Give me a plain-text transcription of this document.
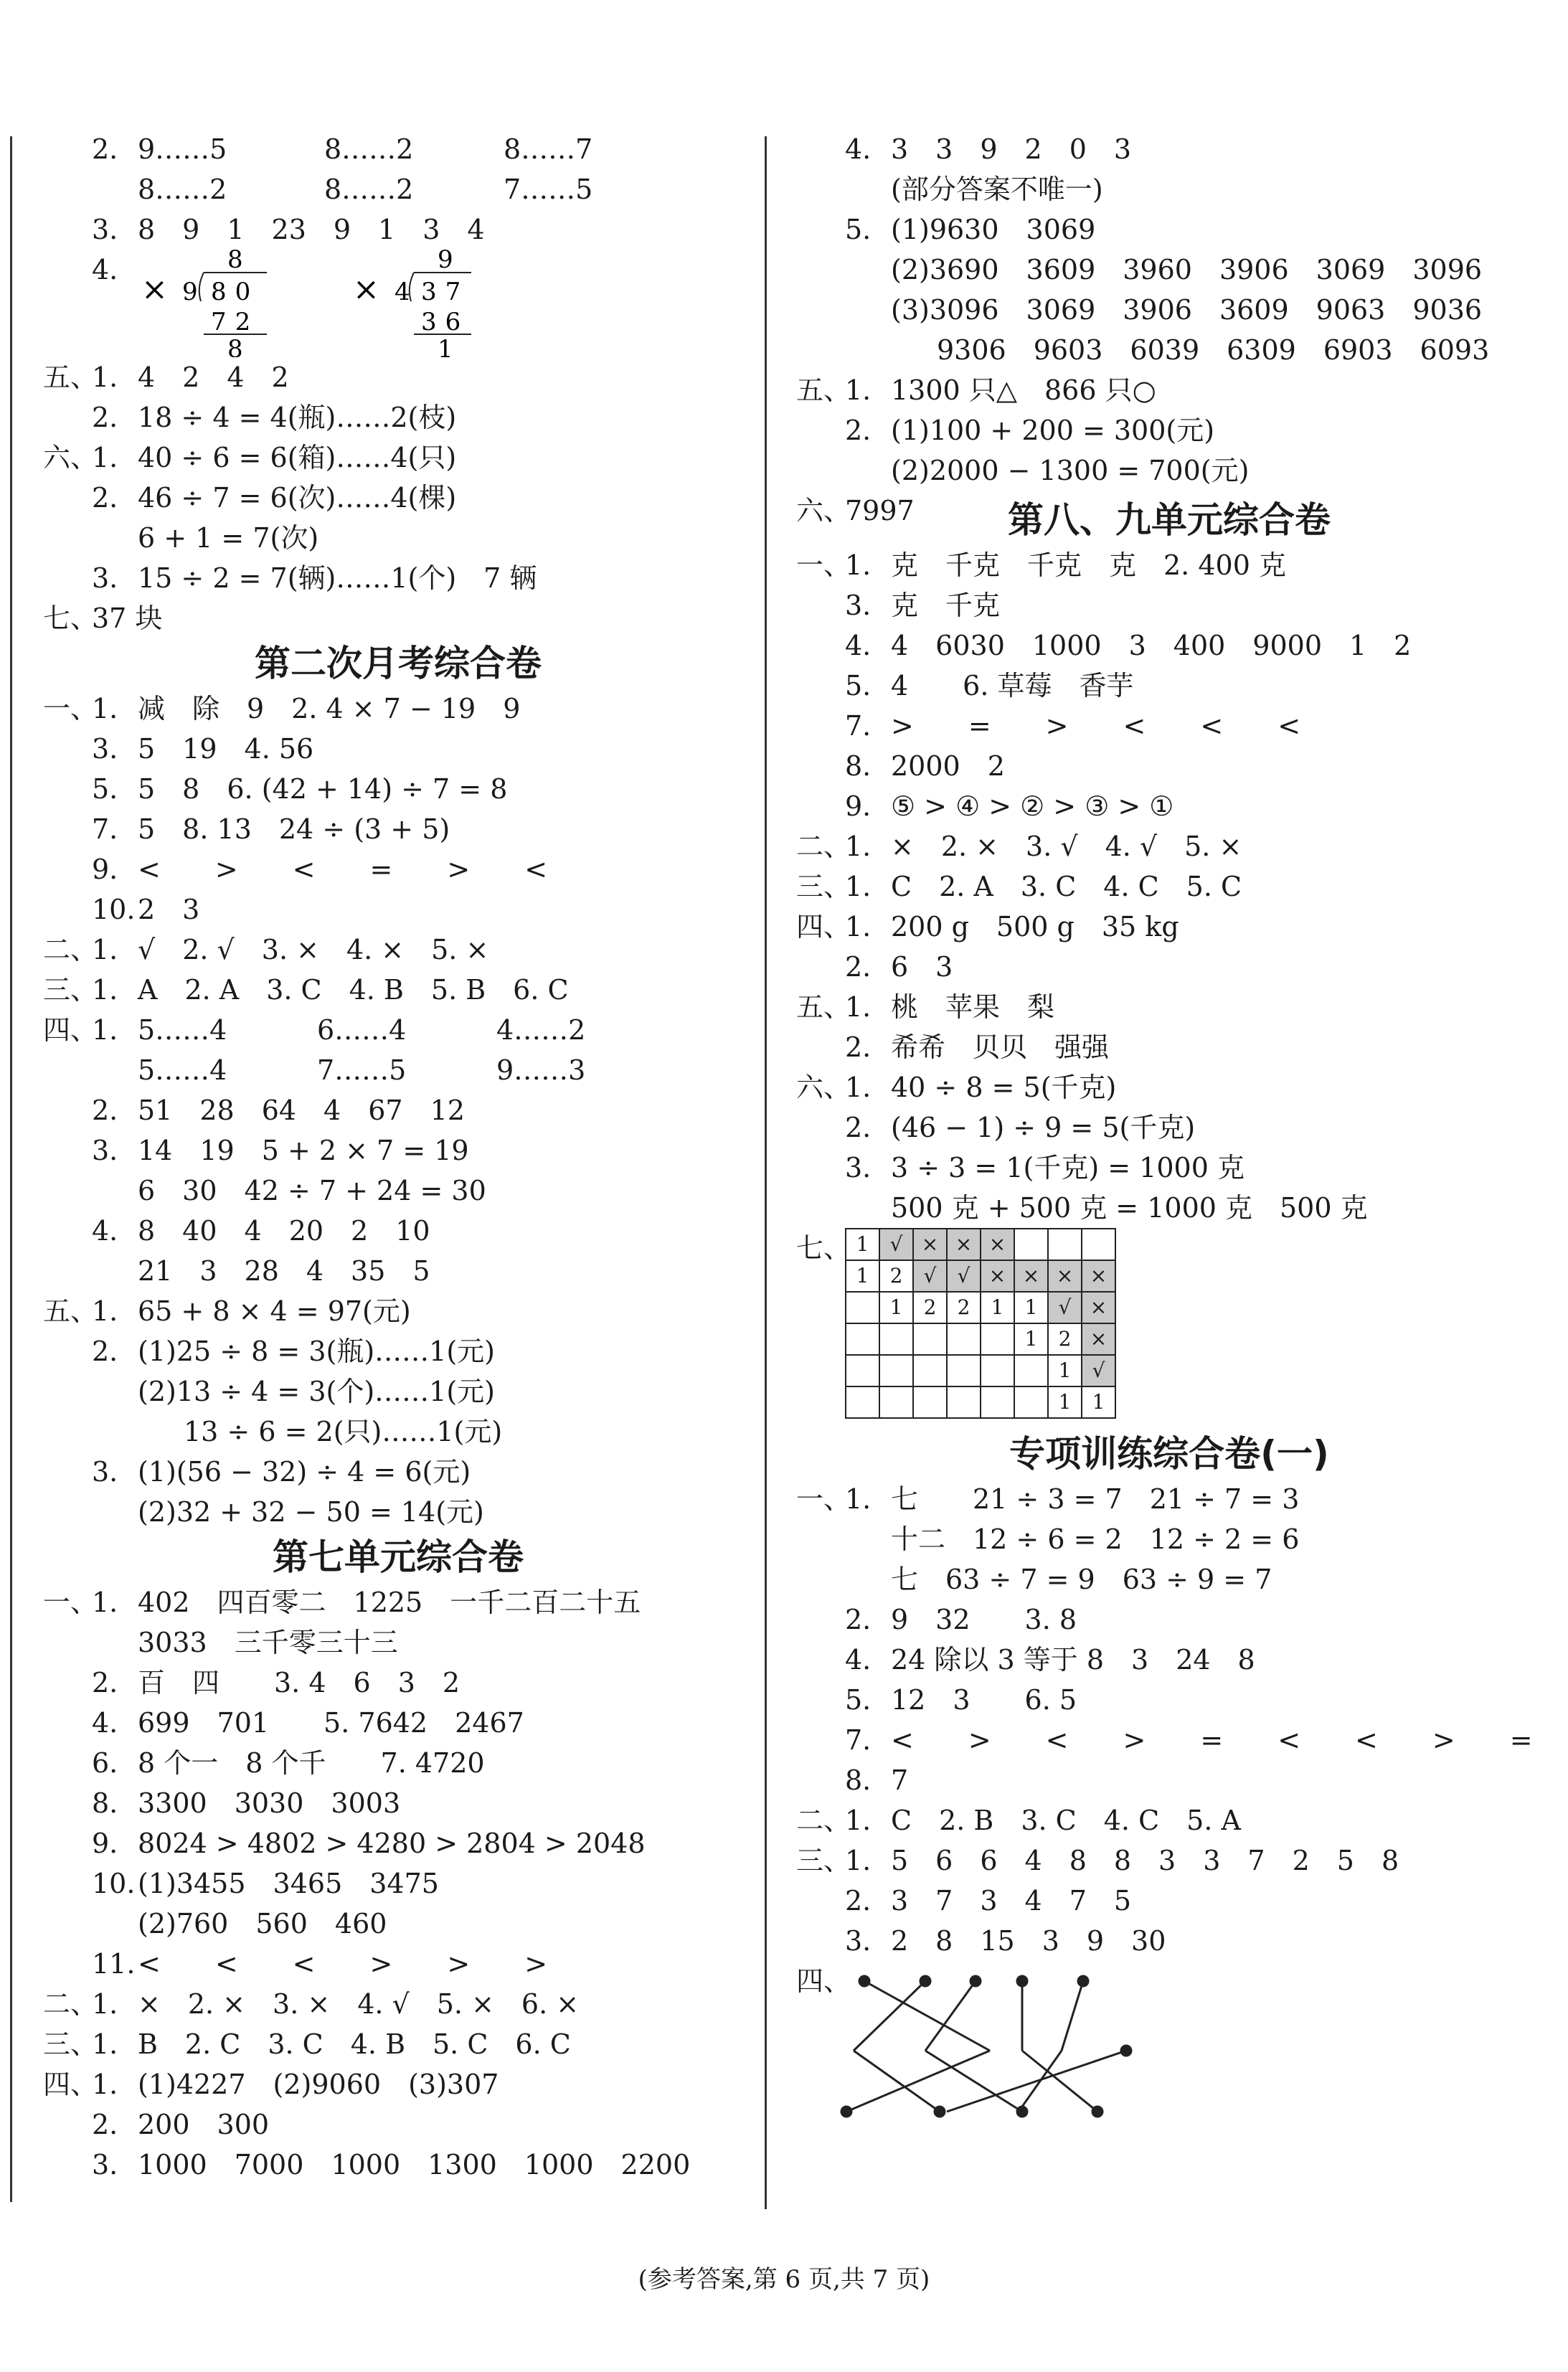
2. 9……5	8……2	8……7
8……2	8……2	7……5
3. 8　9　1　23　9　1　3　4
4.
×
8
9 80
72
8
×
9
4 37
36
1
五、
1. 4　2　4　2
2. 18 ÷ 4 = 4(瓶)……2(枝)
六、
1. 40 ÷ 6 = 6(箱)……4(只)
2. 46 ÷ 7 = 6(次)……4(棵)
6 + 1 = 7(次)
3. 15 ÷ 2 = 7(辆)……1(个)　7 辆
七、
37 块
第二次月考综合卷
一、
1. 减　除　9　2. 4 × 7 − 19　9
3. 5　19　4. 56
5. 5　8　6. (42 + 14) ÷ 7 = 8
7. 5　8. 13　24 ÷ (3 + 5)
9. <　　>　　<　　=　　>　　<
10. 2　3
二、
1. √　2. √　3. ×　4. ×　5. ×
三、
1. A　2. A　3. C　4. B　5. B　6. C
四、
1. 5……4	6……4	4……2
5……4	7……5	9……3
2. 51　28　64　4　67　12
3. 14　19　5 + 2 × 7 = 19
6　30　42 ÷ 7 + 24 = 30
4. 8　40　4　20　2　10
21　3　28　4　35　5
五、
1. 65 + 8 × 4 = 97(元)
2. (1)25 ÷ 8 = 3(瓶)……1(元)
(2)13 ÷ 4 = 3(个)……1(元)
13 ÷ 6 = 2(只)……1(元)
3. (1)(56 − 32) ÷ 4 = 6(元)
(2)32 + 32 − 50 = 14(元)
第七单元综合卷
一、
1. 402　四百零二　1225　一千二百二十五
3033　三千零三十三
2. 百　四　　3. 4　6　3　2
4. 699　701　　5. 7642　2467
6. 8 个一　8 个千　　7. 4720
8. 3300　3030　3003
9. 8024 > 4802 > 4280 > 2804 > 2048
10. (1)3455　3465　3475
(2)760　560　460
11. <　　<　　<　　>　　>　　>
二、
1. ×　2. ×　3. ×　4. √　5. ×　6. ×
三、
1. B　2. C　3. C　4. B　5. C　6. C
四、
1. (1)4227　(2)9060　(3)307
2. 200　300
3. 1000　7000　1000　1300　1000　2200
4. 3　3　9　2　0　3
(部分答案不唯一)
5. (1)9630　3069
(2)3690　3609　3960　3906　3069　3096
(3)3096　3069　3906　3609　9063　9036
9306　9603　6039　6309　6903　6093
五、
1. 1300 只△　866 只○
2. (1)100 + 200 = 300(元)
(2)2000 − 1300 = 700(元)
六、
7997	第八、九单元综合卷
一、
1. 克　千克　千克　克　2. 400 克
3. 克　千克
4. 4　6030　1000　3　400　9000　1　2
5. 4　　6. 草莓　香芋
7. >　　=　　>　　<　　<　　<
8. 2000　2
9. ⑤ > ④ > ② > ③ > ①
二、
1. ×　2. ×　3. √　4. √　5. ×
三、
1. C　2. A　3. C　4. C　5. C
四、
1. 200 g　500 g　35 kg
2. 6　3
五、
1. 桃　苹果　梨
2. 希希　贝贝　强强
六、
1. 40 ÷ 8 = 5(千克)
2. (46 − 1) ÷ 9 = 5(千克)
3. 3 ÷ 3 = 1(千克) = 1000 克
500 克 + 500 克 = 1000 克　500 克
七、 1	√	×	×	×			
1	2	√	√	×	×	×	×
	1	2	2	1	1	√	×
					1	2	×
						1	√
						1	1
专项训练综合卷(一)
一、
1. 七　　21 ÷ 3 = 7　21 ÷ 7 = 3
十二　12 ÷ 6 = 2　12 ÷ 2 = 6
七　63 ÷ 7 = 9　63 ÷ 9 = 7
2. 9　32　　3. 8
4. 24 除以 3 等于 8　3　24　8
5. 12　3　　6. 5
7. <　　>　　<　　>　　=　　<　　<　　>　　=
8. 7
二、
1. C　2. B　3. C　4. C　5. A
三、
1. 5　6　6　4　8　8　3　3　7　2　5　8
2. 3　7　3　4　7　5
3. 2　8　15　3　9　30
四、
(参考答案,第 6 页,共 7 页)
